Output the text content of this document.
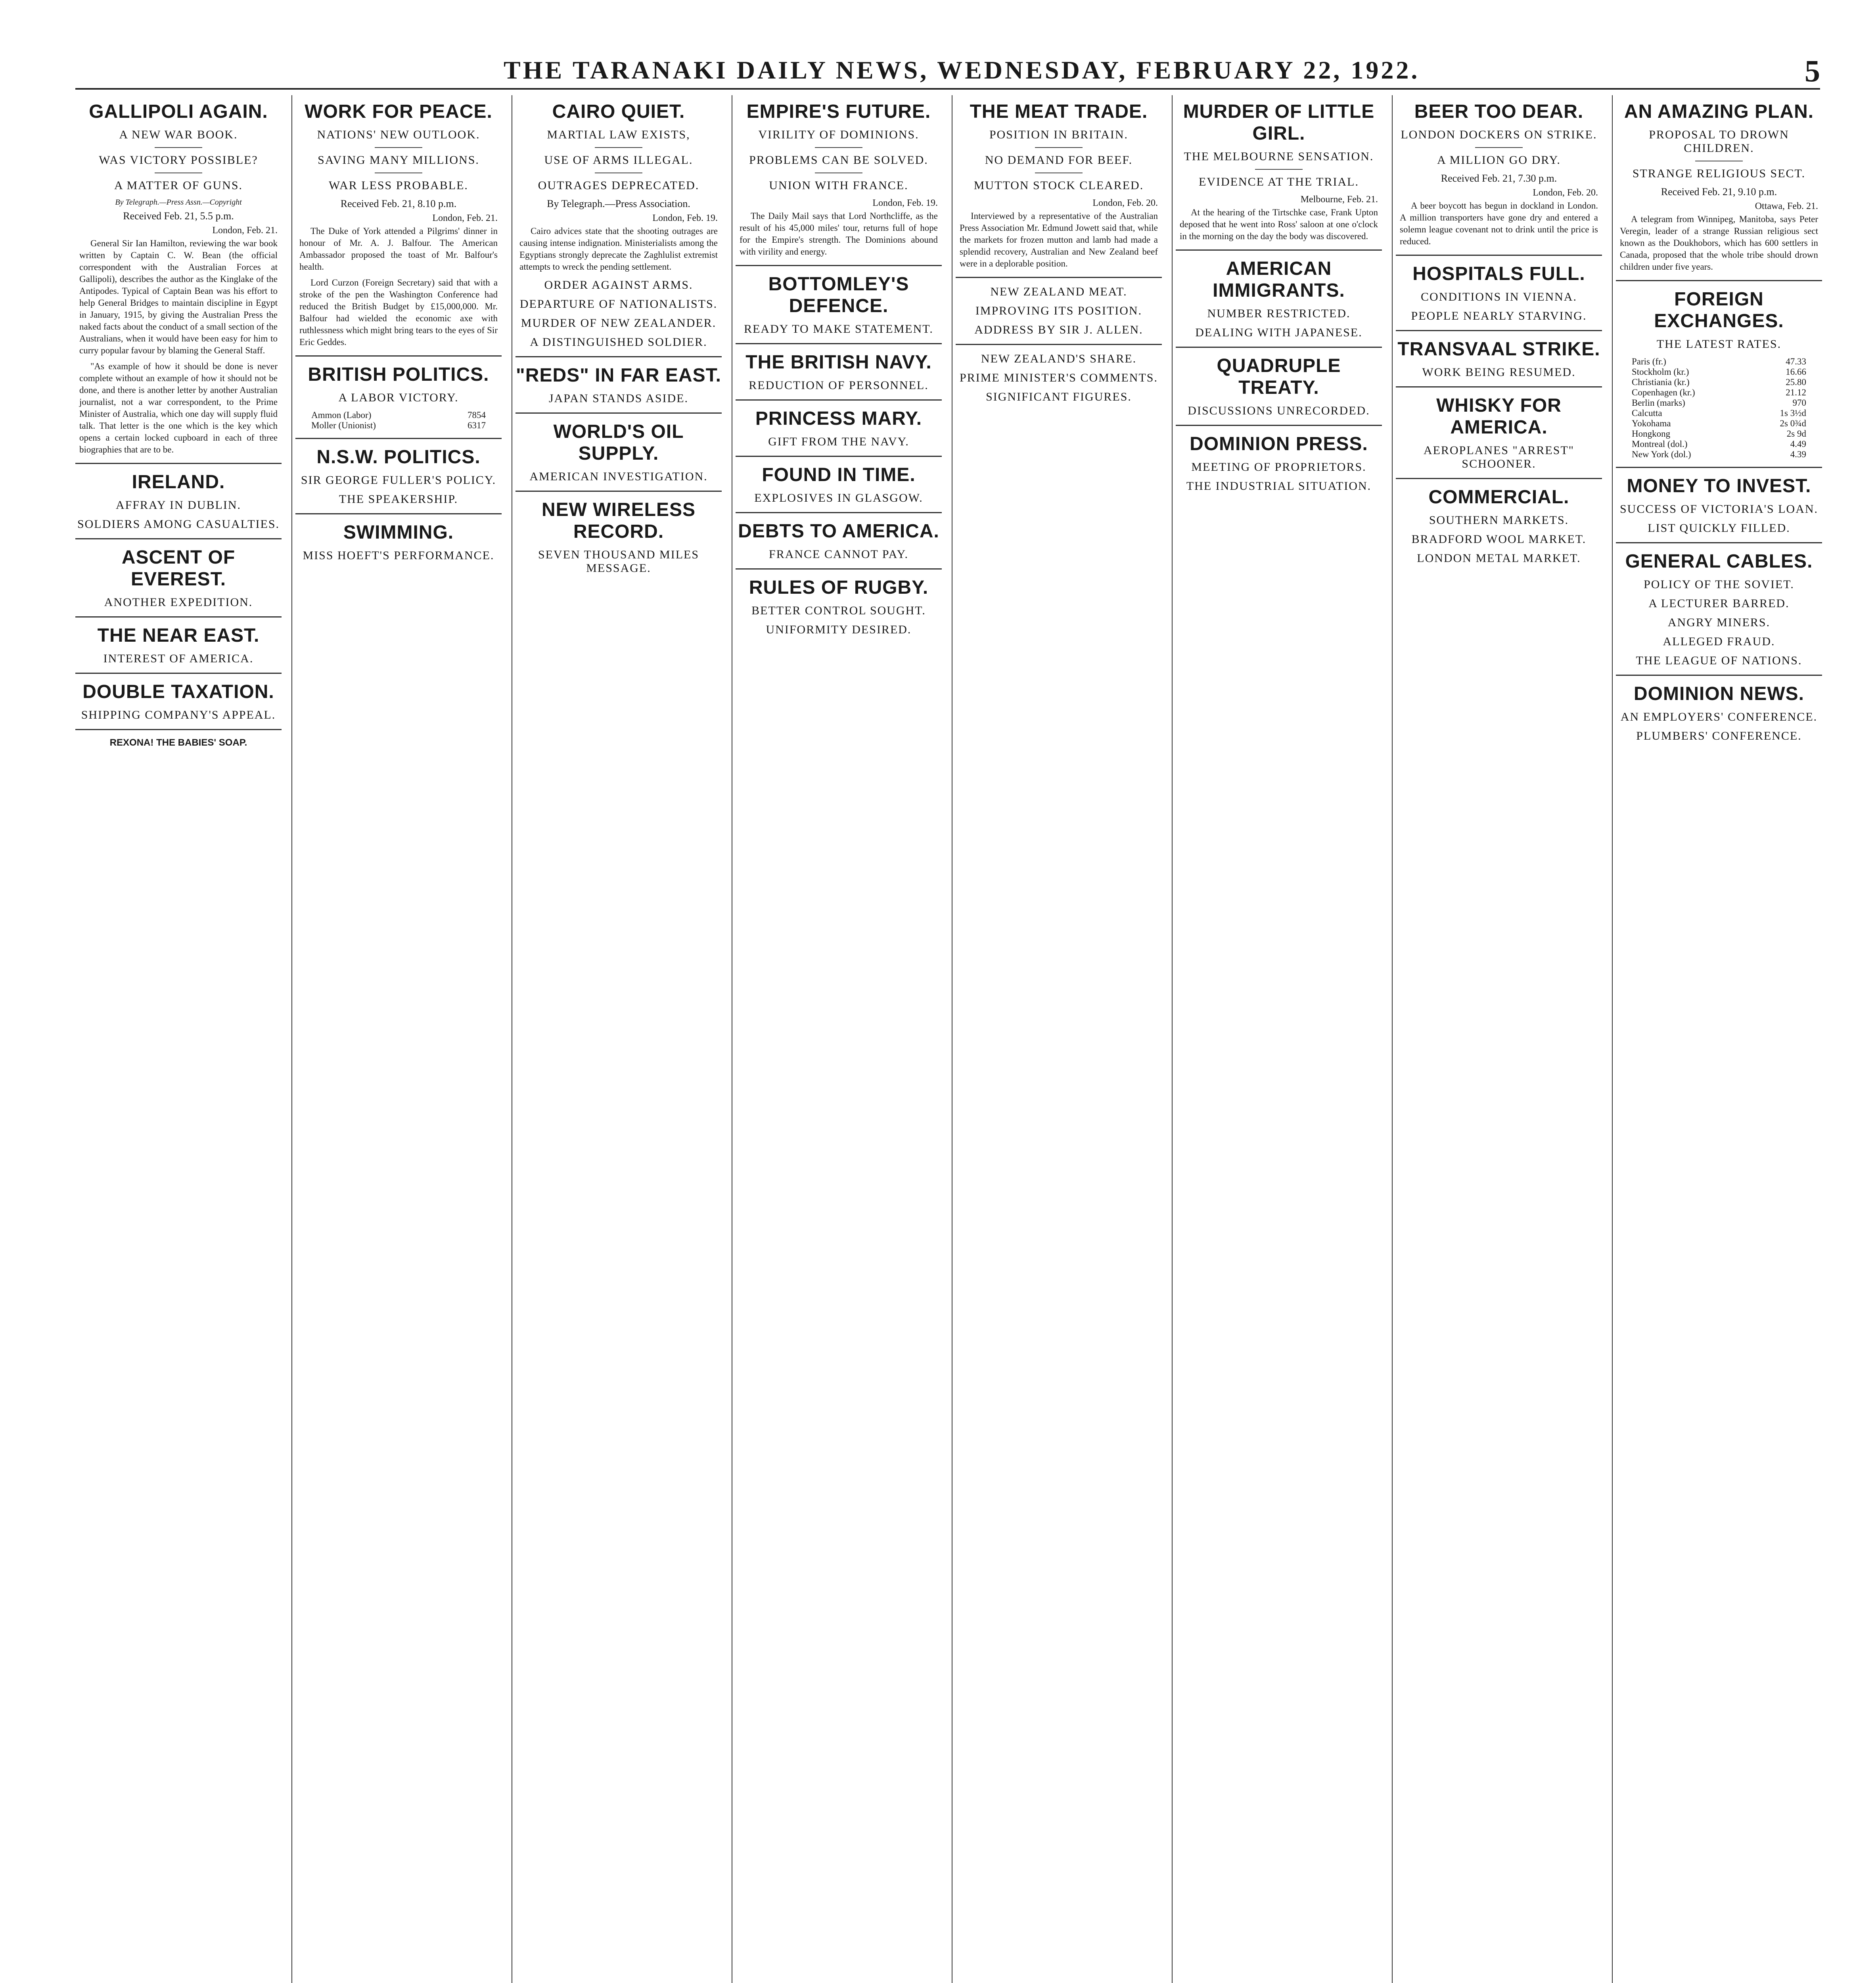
THE TARANAKI DAILY NEWS, WEDNESDAY, FEBRUARY 22, 1922.	5
GALLIPOLI AGAIN.
A NEW WAR BOOK.
WAS VICTORY POSSIBLE?
A MATTER OF GUNS.
By Telegraph.—Press Assn.—Copyright
Received Feb. 21, 5.5 p.m.
London, Feb. 21.

General Sir Ian Hamilton, reviewing the war book written by Captain C. W. Bean (the official correspondent with the Australian Forces at Gallipoli), describes the author as the Kinglake of the Antipodes. Typical of Captain Bean was his effort to help General Bridges to maintain discipline in Egypt in January, 1915, by giving the Australian Press the naked facts about the conduct of a small section of the Australians, when it would have been easy for him to curry popular favour by blaming the General Staff.

"As example of how it should be done is never complete without an example of how it should not be done, and there is another letter by another Australian journalist, not a war correspondent, to the Prime Minister of Australia, which one day will supply fluid talk. That letter is the one which is the key which opens a certain locked cupboard in each of three biographies that are to be.

IRELAND.
AFFRAY IN DUBLIN.
SOLDIERS AMONG CASUALTIES.
ASCENT OF EVEREST.
ANOTHER EXPEDITION.
THE NEAR EAST.
INTEREST OF AMERICA.
DOUBLE TAXATION.
SHIPPING COMPANY'S APPEAL.
REXONA! THE BABIES' SOAP.
WORK FOR PEACE.
NATIONS' NEW OUTLOOK.
SAVING MANY MILLIONS.
WAR LESS PROBABLE.
Received Feb. 21, 8.10 p.m.
London, Feb. 21.

The Duke of York attended a Pilgrims' dinner in honour of Mr. A. J. Balfour. The American Ambassador proposed the toast of Mr. Balfour's health.

Lord Curzon (Foreign Secretary) said that with a stroke of the pen the Washington Conference had reduced the British Budget by £15,000,000. Mr. Balfour had wielded the economic axe with ruthlessness which might bring tears to the eyes of Sir Eric Geddes.

BRITISH POLITICS.
A LABOR VICTORY.
Ammon (Labor)	7854
Moller (Unionist)	6317
N.S.W. POLITICS.
SIR GEORGE FULLER'S POLICY.
THE SPEAKERSHIP.
SWIMMING.
MISS HOEFT'S PERFORMANCE.
CAIRO QUIET.
MARTIAL LAW EXISTS,
USE OF ARMS ILLEGAL.
OUTRAGES DEPRECATED.
By Telegraph.—Press Association.
London, Feb. 19.

Cairo advices state that the shooting outrages are causing intense indignation. Ministerialists among the Egyptians strongly deprecate the Zaghlulist extremist attempts to wreck the pending settlement.

ORDER AGAINST ARMS.
DEPARTURE OF NATIONALISTS.
MURDER OF NEW ZEALANDER.
A DISTINGUISHED SOLDIER.
"REDS" IN FAR EAST.
JAPAN STANDS ASIDE.
WORLD'S OIL SUPPLY.
AMERICAN INVESTIGATION.
NEW WIRELESS RECORD.
SEVEN THOUSAND MILES MESSAGE.
EMPIRE'S FUTURE.
VIRILITY OF DOMINIONS.
PROBLEMS CAN BE SOLVED.
UNION WITH FRANCE.
London, Feb. 19.

The Daily Mail says that Lord Northcliffe, as the result of his 45,000 miles' tour, returns full of hope for the Empire's strength. The Dominions abound with virility and energy.

BOTTOMLEY'S DEFENCE.
READY TO MAKE STATEMENT.
THE BRITISH NAVY.
REDUCTION OF PERSONNEL.
PRINCESS MARY.
GIFT FROM THE NAVY.
FOUND IN TIME.
EXPLOSIVES IN GLASGOW.
DEBTS TO AMERICA.
FRANCE CANNOT PAY.
RULES OF RUGBY.
BETTER CONTROL SOUGHT.
UNIFORMITY DESIRED.
THE MEAT TRADE.
POSITION IN BRITAIN.
NO DEMAND FOR BEEF.
MUTTON STOCK CLEARED.
London, Feb. 20.

Interviewed by a representative of the Australian Press Association Mr. Edmund Jowett said that, while the markets for frozen mutton and lamb had made a splendid recovery, Australian and New Zealand beef were in a deplorable position.

NEW ZEALAND MEAT.
IMPROVING ITS POSITION.
ADDRESS BY SIR J. ALLEN.
NEW ZEALAND'S SHARE.
PRIME MINISTER'S COMMENTS.
SIGNIFICANT FIGURES.
MURDER OF LITTLE GIRL.
THE MELBOURNE SENSATION.
EVIDENCE AT THE TRIAL.
Melbourne, Feb. 21.

At the hearing of the Tirtschke case, Frank Upton deposed that he went into Ross' saloon at one o'clock in the morning on the day the body was discovered.

AMERICAN IMMIGRANTS.
NUMBER RESTRICTED.
DEALING WITH JAPANESE.
QUADRUPLE TREATY.
DISCUSSIONS UNRECORDED.
DOMINION PRESS.
MEETING OF PROPRIETORS.
THE INDUSTRIAL SITUATION.
BEER TOO DEAR.
LONDON DOCKERS ON STRIKE.
A MILLION GO DRY.
Received Feb. 21, 7.30 p.m.
London, Feb. 20.

A beer boycott has begun in dockland in London. A million transporters have gone dry and entered a solemn league covenant not to drink until the price is reduced.

HOSPITALS FULL.
CONDITIONS IN VIENNA.
PEOPLE NEARLY STARVING.
TRANSVAAL STRIKE.
WORK BEING RESUMED.
WHISKY FOR AMERICA.
AEROPLANES "ARREST" SCHOONER.
COMMERCIAL.
SOUTHERN MARKETS.
BRADFORD WOOL MARKET.
LONDON METAL MARKET.
AN AMAZING PLAN.
PROPOSAL TO DROWN CHILDREN.
STRANGE RELIGIOUS SECT.
Received Feb. 21, 9.10 p.m.
Ottawa, Feb. 21.

A telegram from Winnipeg, Manitoba, says Peter Veregin, leader of a strange Russian religious sect known as the Doukhobors, which has 600 settlers in Canada, proposed that the whole tribe should drown children under five years.

FOREIGN EXCHANGES.
THE LATEST RATES.
Paris (fr.)	47.33
Stockholm (kr.)	16.66
Christiania (kr.)	25.80
Copenhagen (kr.)	21.12
Berlin (marks)	970
Calcutta	1s 3½d
Yokohama	2s 0¾d
Hongkong	2s 9d
Montreal (dol.)	4.49
New York (dol.)	4.39
MONEY TO INVEST.
SUCCESS OF VICTORIA'S LOAN.
LIST QUICKLY FILLED.
GENERAL CABLES.
POLICY OF THE SOVIET.
A LECTURER BARRED.
ANGRY MINERS.
ALLEGED FRAUD.
THE LEAGUE OF NATIONS.
DOMINION NEWS.
AN EMPLOYERS' CONFERENCE.
PLUMBERS' CONFERENCE.
